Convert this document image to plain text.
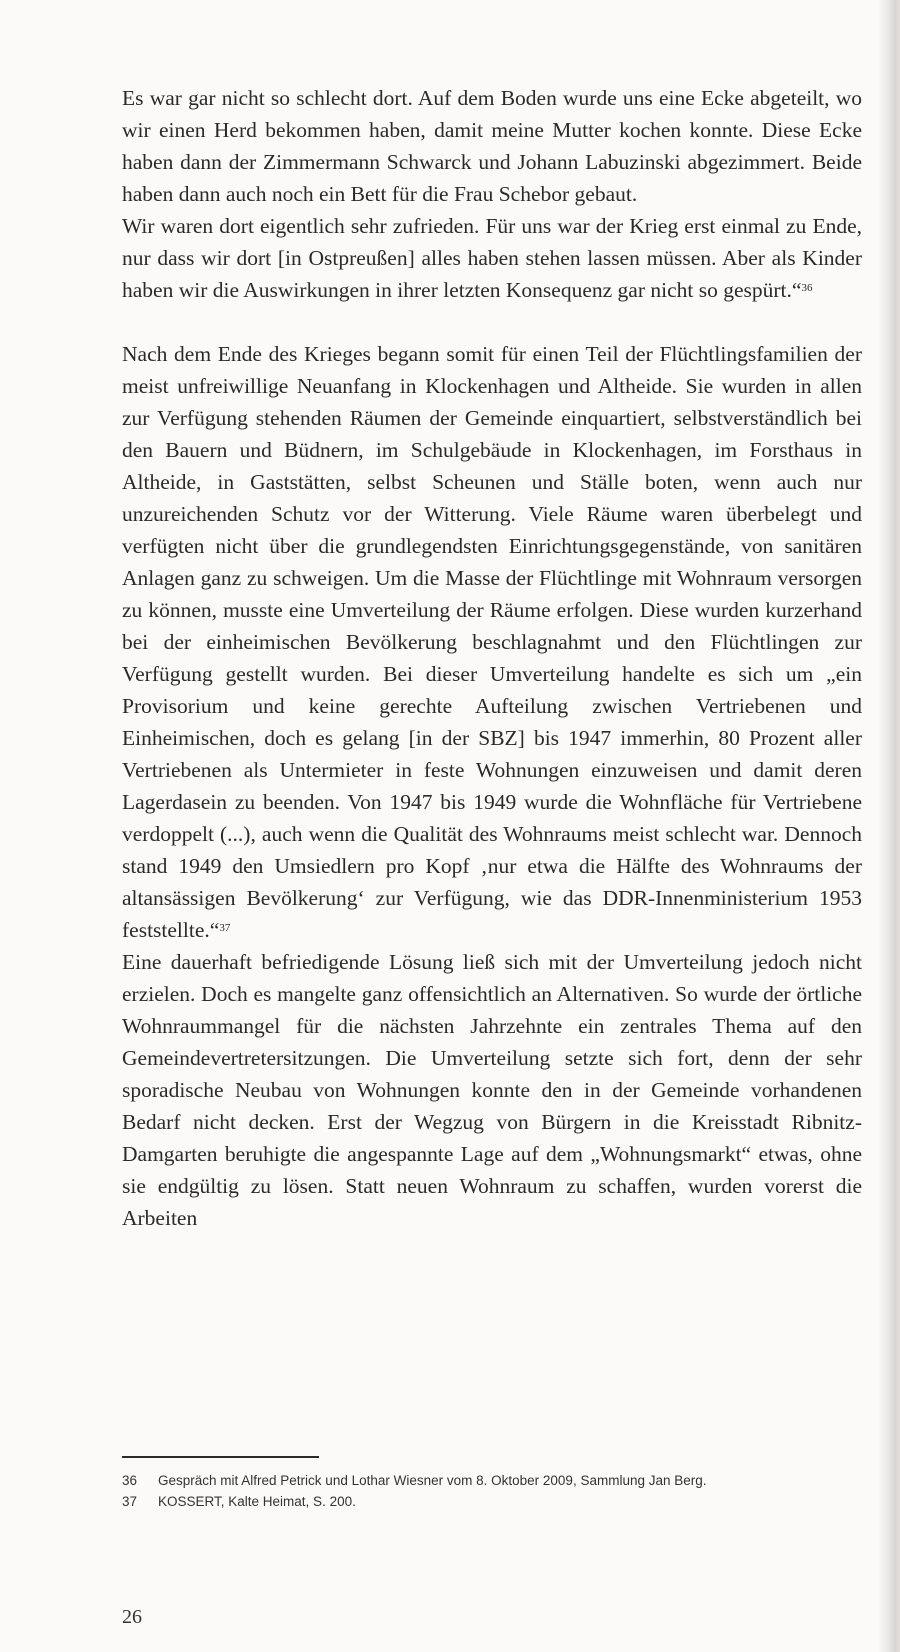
Es war gar nicht so schlecht dort. Auf dem Boden wurde uns eine Ecke abgeteilt, wo wir einen Herd bekommen haben, damit meine Mutter kochen konnte. Diese Ecke haben dann der Zimmermann Schwarck und Johann Labuzinski abgezimmert. Beide haben dann auch noch ein Bett für die Frau Schebor gebaut.

Wir waren dort eigentlich sehr zufrieden. Für uns war der Krieg erst einmal zu Ende, nur dass wir dort [in Ostpreußen] alles haben stehen lassen müssen. Aber als Kinder haben wir die Auswirkungen in ihrer letzten Konsequenz gar nicht so gespürt.“$^{36}$

Nach dem Ende des Krieges begann somit für einen Teil der Flüchtlingsfamilien der meist unfreiwillige Neuanfang in Klockenhagen und Altheide. Sie wurden in allen zur Verfügung stehenden Räumen der Gemeinde einquartiert, selbstverständlich bei den Bauern und Büdnern, im Schulgebäude in Klockenhagen, im Forsthaus in Altheide, in Gaststätten, selbst Scheunen und Ställe boten, wenn auch nur unzureichenden Schutz vor der Witterung. Viele Räume waren überbelegt und verfügten nicht über die grundlegendsten Einrichtungsgegenstände, von sanitären Anlagen ganz zu schweigen. Um die Masse der Flüchtlinge mit Wohnraum versorgen zu können, musste eine Umverteilung der Räume erfolgen. Diese wurden kurzerhand bei der einheimischen Bevölkerung beschlagnahmt und den Flüchtlingen zur Verfügung gestellt wurden. Bei dieser Umverteilung handelte es sich um „ein Provisorium und keine gerechte Aufteilung zwischen Vertriebenen und Einheimischen, doch es gelang [in der SBZ] bis 1947 immerhin, 80 Prozent aller Vertriebenen als Untermieter in feste Wohnungen einzuweisen und damit deren Lagerdasein zu beenden. Von 1947 bis 1949 wurde die Wohnfläche für Vertriebene verdoppelt (...), auch wenn die Qualität des Wohnraums meist schlecht war. Dennoch stand 1949 den Umsiedlern pro Kopf ‚nur etwa die Hälfte des Wohnraums der altansässigen Bevölkerung‘ zur Verfügung, wie das DDR-Innenministerium 1953 feststellte.“$^{37}$

Eine dauerhaft befriedigende Lösung ließ sich mit der Umverteilung jedoch nicht erzielen. Doch es mangelte ganz offensichtlich an Alternativen. So wurde der örtliche Wohnraummangel für die nächsten Jahrzehnte ein zentrales Thema auf den Gemeindevertretersitzungen. Die Umverteilung setzte sich fort, denn der sehr sporadische Neubau von Wohnungen konnte den in der Gemeinde vorhandenen Bedarf nicht decken. Erst der Wegzug von Bürgern in die Kreisstadt Ribnitz-Damgarten beruhigte die angespannte Lage auf dem „Wohnungsmarkt“ etwas, ohne sie endgültig zu lösen. Statt neuen Wohnraum zu schaffen, wurden vorerst die Arbeiten

36	Gespräch mit Alfred Petrick und Lothar Wiesner vom 8. Oktober 2009, Sammlung Jan Berg.
37	KOSSERT, Kalte Heimat, S. 200.
26
